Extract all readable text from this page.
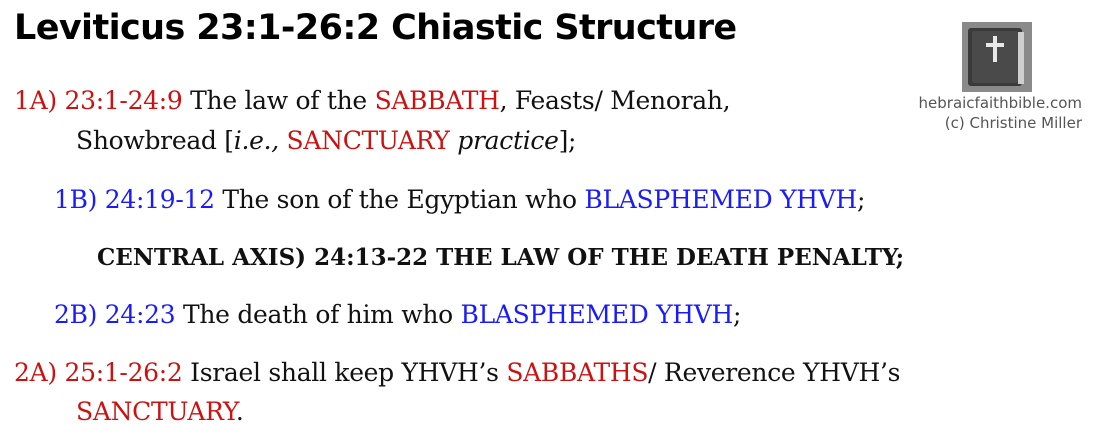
Leviticus 23:1-26:2 Chiastic Structure
hebraicfaithbible.com
(c) Christine Miller
1A) 23:1-24:9 The law of the SABBATH, Feasts/ Menorah,
Showbread [i.e., SANCTUARY practice];
1B) 24:19-12 The son of the Egyptian who BLASPHEMED YHVH;
CENTRAL AXIS) 24:13-22 THE LAW OF THE DEATH PENALTY;
2B) 24:23 The death of him who BLASPHEMED YHVH;
2A) 25:1-26:2 Israel shall keep YHVH’s SABBATHS/ Reverence YHVH’s
SANCTUARY.
